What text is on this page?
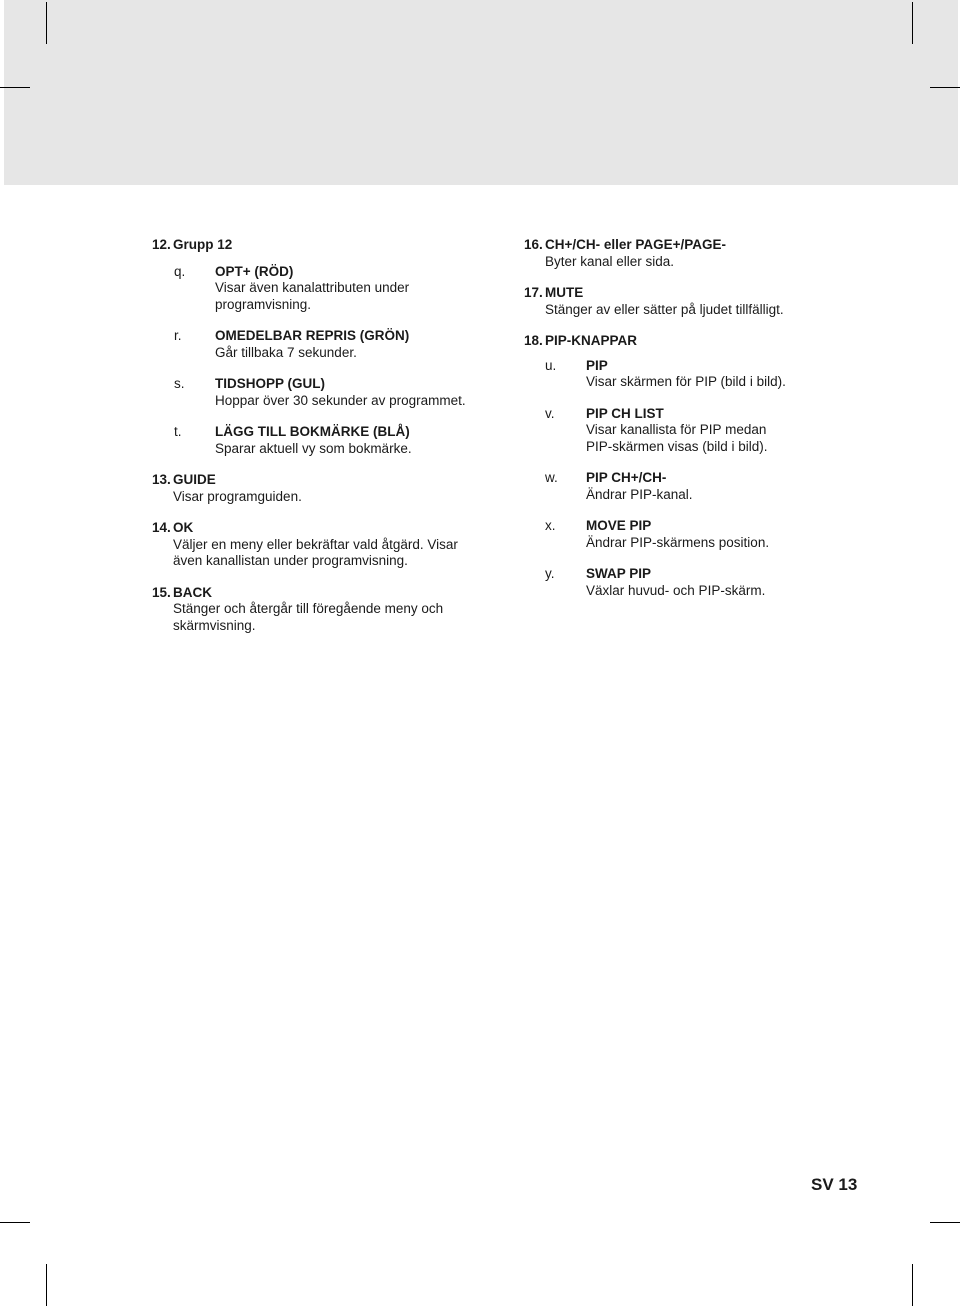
12. Grupp 12
q. OPT+ (RÖD)
Visar även kanalattributen under
programvisning.
r. OMEDELBAR REPRIS (GRÖN)
Går tillbaka 7 sekunder.
s. TIDSHOPP (GUL)
Hoppar över 30 sekunder av programmet.
t. LÄGG TILL BOKMÄRKE (BLÅ)
Sparar aktuell vy som bokmärke.
13. GUIDE
Visar programguiden.
14. OK
Väljer en meny eller bekräftar vald åtgärd. Visar
även kanallistan under programvisning.
15. BACK
Stänger och återgår till föregående meny och
skärmvisning.
16. CH+/CH- eller PAGE+/PAGE-
Byter kanal eller sida.
17. MUTE
Stänger av eller sätter på ljudet tillfälligt.
18. PIP-KNAPPAR
u. PIP
Visar skärmen för PIP (bild i bild).
v. PIP CH LIST
Visar kanallista för PIP medan
PIP-skärmen visas (bild i bild).
w. PIP CH+/CH-
Ändrar PIP-kanal.
x. MOVE PIP
Ändrar PIP-skärmens position.
y. SWAP PIP
Växlar huvud- och PIP-skärm.
SV 13
